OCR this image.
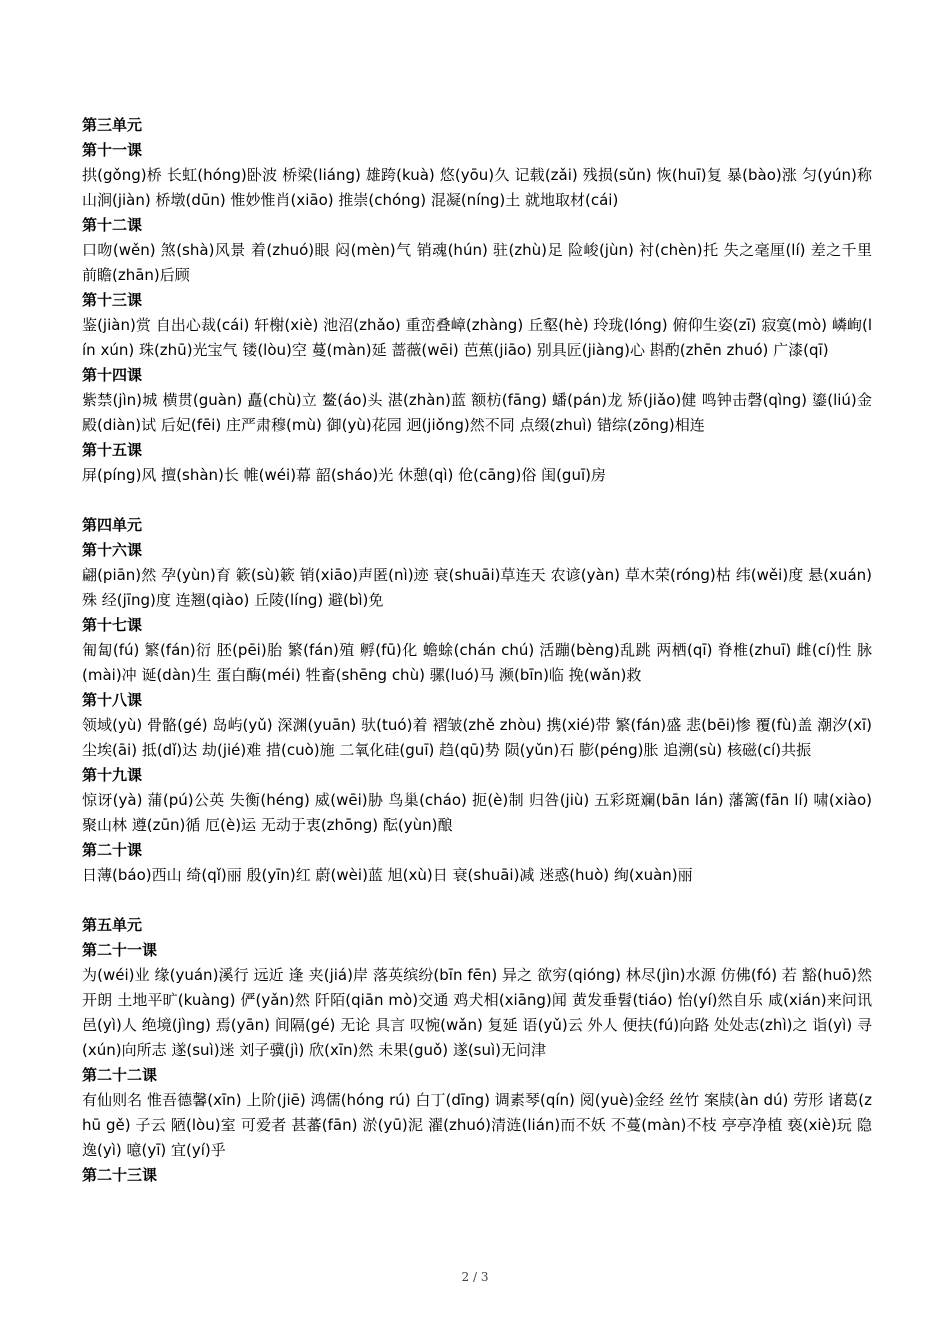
第三单元

第十一课

拱(gǒng)桥 长虹(hóng)卧波 桥梁(liáng) 雄跨(kuà) 悠(yōu)久 记载(zǎi) 残损(sǔn) 恢(huī)复 暴(bào)涨 匀(yún)称 山涧(jiàn) 桥墩(dūn) 惟妙惟肖(xiāo) 推崇(chóng) 混凝(níng)土 就地取材(cái)

第十二课

口吻(wěn) 煞(shà)风景 着(zhuó)眼 闷(mèn)气 销魂(hún) 驻(zhù)足 险峻(jùn) 衬(chèn)托 失之毫厘(lí) 差之千里 前瞻(zhān)后顾

第十三课

鉴(jiàn)赏 自出心裁(cái) 轩榭(xiè) 池沼(zhǎo) 重峦叠嶂(zhàng) 丘壑(hè) 玲珑(lóng) 俯仰生姿(zī) 寂寞(mò) 嶙峋(lín xún) 珠(zhū)光宝气 镂(lòu)空 蔓(màn)延 蔷薇(wēi) 芭蕉(jiāo) 别具匠(jiàng)心 斟酌(zhēn zhuó) 广漆(qī)

第十四课

紫禁(jìn)城 横贯(guàn) 矗(chù)立 鳌(áo)头 湛(zhàn)蓝 额枋(fāng) 蟠(pán)龙 矫(jiǎo)健 鸣钟击磬(qìng) 鎏(liú)金 殿(diàn)试 后妃(fēi) 庄严肃穆(mù) 御(yù)花园 迥(jiǒng)然不同 点缀(zhuì) 错综(zōng)相连

第十五课

屏(píng)风 擅(shàn)长 帷(wéi)幕 韶(sháo)光 休憩(qì) 伧(cāng)俗 闺(guī)房

第四单元

第十六课

翩(piān)然 孕(yùn)育 簌(sù)簌 销(xiāo)声匿(nì)迹 衰(shuāi)草连天 农谚(yàn) 草木荣(róng)枯 纬(wěi)度 悬(xuán)殊 经(jīng)度 连翘(qiào) 丘陵(líng) 避(bì)免

第十七课

匍匐(fú) 繁(fán)衍 胚(pēi)胎 繁(fán)殖 孵(fū)化 蟾蜍(chán chú) 活蹦(bèng)乱跳 两栖(qī) 脊椎(zhuī) 雌(cí)性 脉(mài)冲 诞(dàn)生 蛋白酶(méi) 牲畜(shēng chù) 骡(luó)马 濒(bīn)临 挽(wǎn)救

第十八课

领域(yù) 骨骼(gé) 岛屿(yǔ) 深渊(yuān) 驮(tuó)着 褶皱(zhě zhòu) 携(xié)带 繁(fán)盛 悲(bēi)惨 覆(fù)盖 潮汐(xī) 尘埃(āi) 抵(dǐ)达 劫(jié)难 措(cuò)施 二氧化硅(guī) 趋(qū)势 陨(yǔn)石 膨(péng)胀 追溯(sù) 核磁(cí)共振

第十九课

惊讶(yà) 蒲(pú)公英 失衡(héng) 威(wēi)胁 鸟巢(cháo) 扼(è)制 归咎(jiù) 五彩斑斓(bān lán) 藩篱(fān lí) 啸(xiào)聚山林 遵(zūn)循 厄(è)运 无动于衷(zhōng) 酝(yùn)酿

第二十课

日薄(báo)西山 绮(qǐ)丽 殷(yīn)红 蔚(wèi)蓝 旭(xù)日 衰(shuāi)减 迷惑(huò) 绚(xuàn)丽

第五单元

第二十一课

为(wéi)业 缘(yuán)溪行 远近 逢 夹(jiá)岸 落英缤纷(bīn fēn) 异之 欲穷(qióng) 林尽(jìn)水源 仿佛(fó) 若 豁(huō)然开朗 土地平旷(kuàng) 俨(yǎn)然 阡陌(qiān mò)交通 鸡犬相(xiāng)闻 黄发垂髫(tiáo) 怡(yí)然自乐 咸(xián)来问讯 邑(yì)人 绝境(jìng) 焉(yān) 间隔(gé) 无论 具言 叹惋(wǎn) 复延 语(yǔ)云 外人 便扶(fú)向路 处处志(zhì)之 诣(yì) 寻(xún)向所志 遂(suì)迷 刘子骥(jì) 欣(xīn)然 未果(guǒ) 遂(suì)无问津

第二十二课

有仙则名 惟吾德馨(xīn) 上阶(jiē) 鸿儒(hóng rú) 白丁(dīng) 调素琴(qín) 阅(yuè)金经 丝竹 案牍(àn dú) 劳形 诸葛(zhū gě) 子云 陋(lòu)室 可爱者 甚蕃(fān) 淤(yū)泥 濯(zhuó)清涟(lián)而不妖 不蔓(màn)不枝 亭亭净植 亵(xiè)玩 隐逸(yì) 噫(yī) 宜(yí)乎

第二十三课

2 / 3
